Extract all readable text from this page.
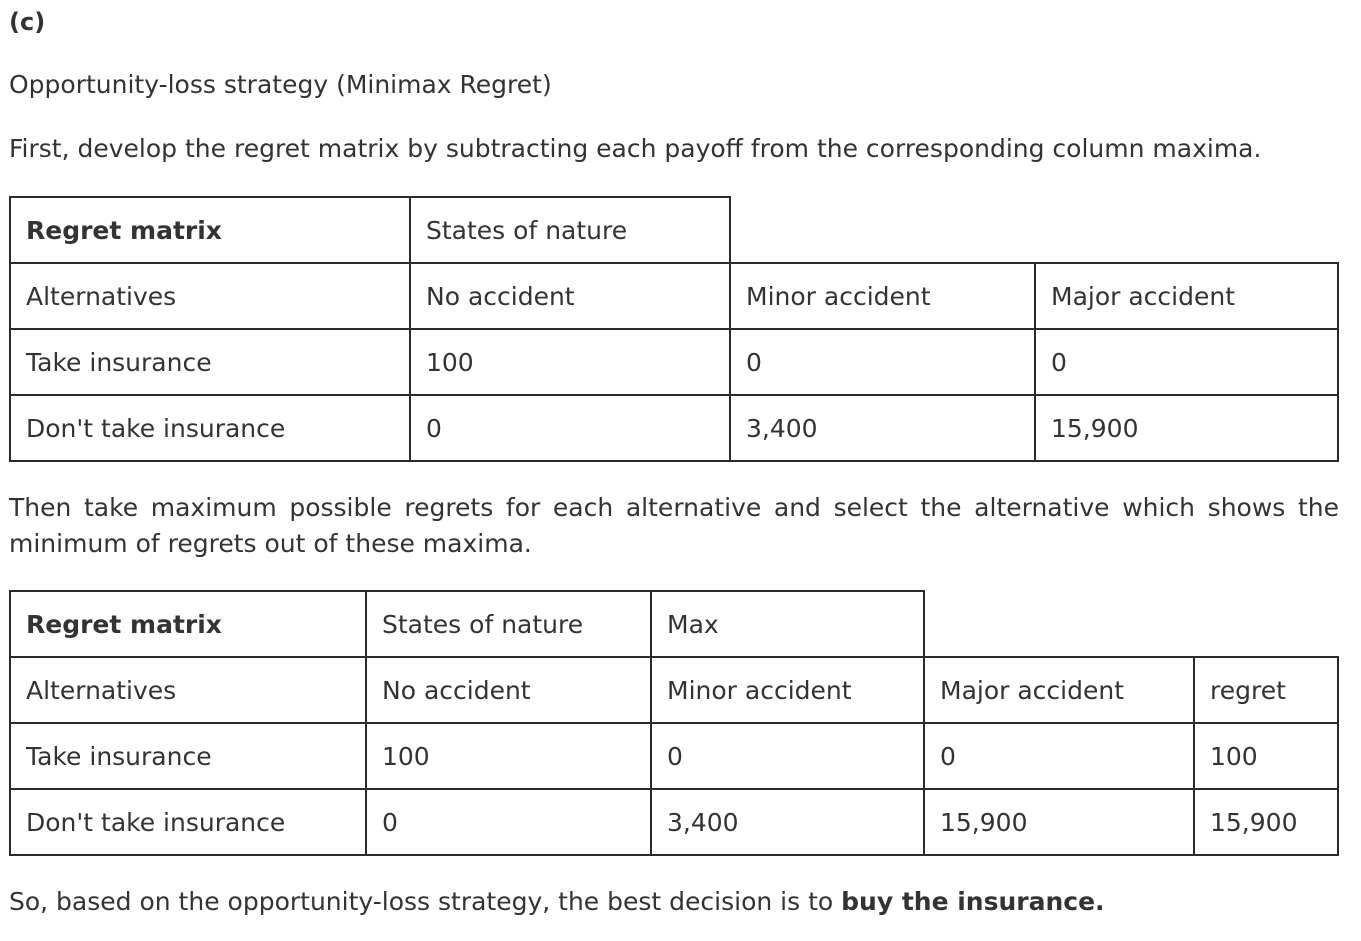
(c)
Opportunity-loss strategy (Minimax Regret)
First, develop the regret matrix by subtracting each payoff from the corresponding column maxima.
Regret matrix	States of nature
Alternatives	No accident	Minor accident	Major accident
Take insurance	100	0	0
Don't take insurance	0	3,400	15,900
Then take maximum possible regrets for each alternative and select the alternative which shows the minimum of regrets out of these maxima.
Regret matrix	States of nature	Max
Alternatives	No accident	Minor accident	Major accident	regret
Take insurance	100	0	0	100
Don't take insurance	0	3,400	15,900	15,900
So, based on the opportunity-loss strategy, the best decision is to buy the insurance.
